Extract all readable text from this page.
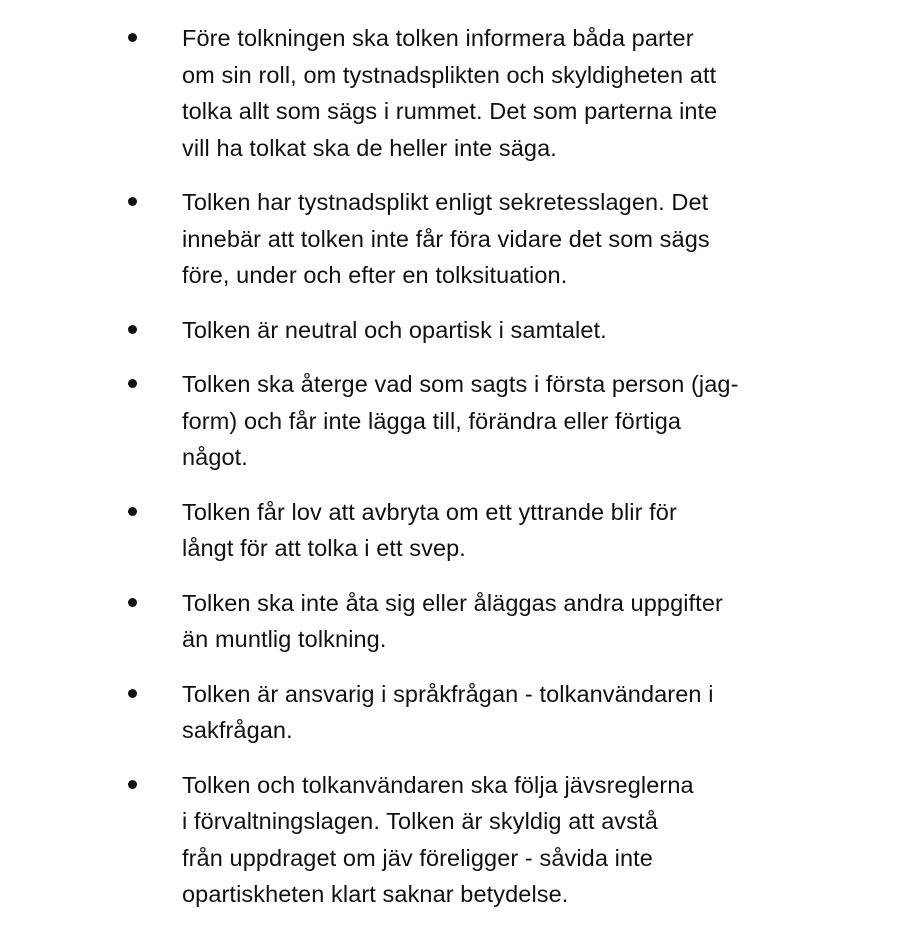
Före tolkningen ska tolken informera båda parter
om sin roll, om tystnadsplikten och skyldigheten att
tolka allt som sägs i rummet. Det som parterna inte
vill ha tolkat ska de heller inte säga.
Tolken har tystnadsplikt enligt sekretesslagen. Det
innebär att tolken inte får föra vidare det som sägs
före, under och efter en tolksituation.
Tolken är neutral och opartisk i samtalet.
Tolken ska återge vad som sagts i första person (jag-
form) och får inte lägga till, förändra eller förtiga
något.
Tolken får lov att avbryta om ett yttrande blir för
långt för att tolka i ett svep.
Tolken ska inte åta sig eller åläggas andra uppgifter
än muntlig tolkning.
Tolken är ansvarig i språkfrågan - tolkanvändaren i
sakfrågan.
Tolken och tolkanvändaren ska följa jävsreglerna
i förvaltningslagen. Tolken är skyldig att avstå
från uppdraget om jäv föreligger - såvida inte
opartiskheten klart saknar betydelse.
